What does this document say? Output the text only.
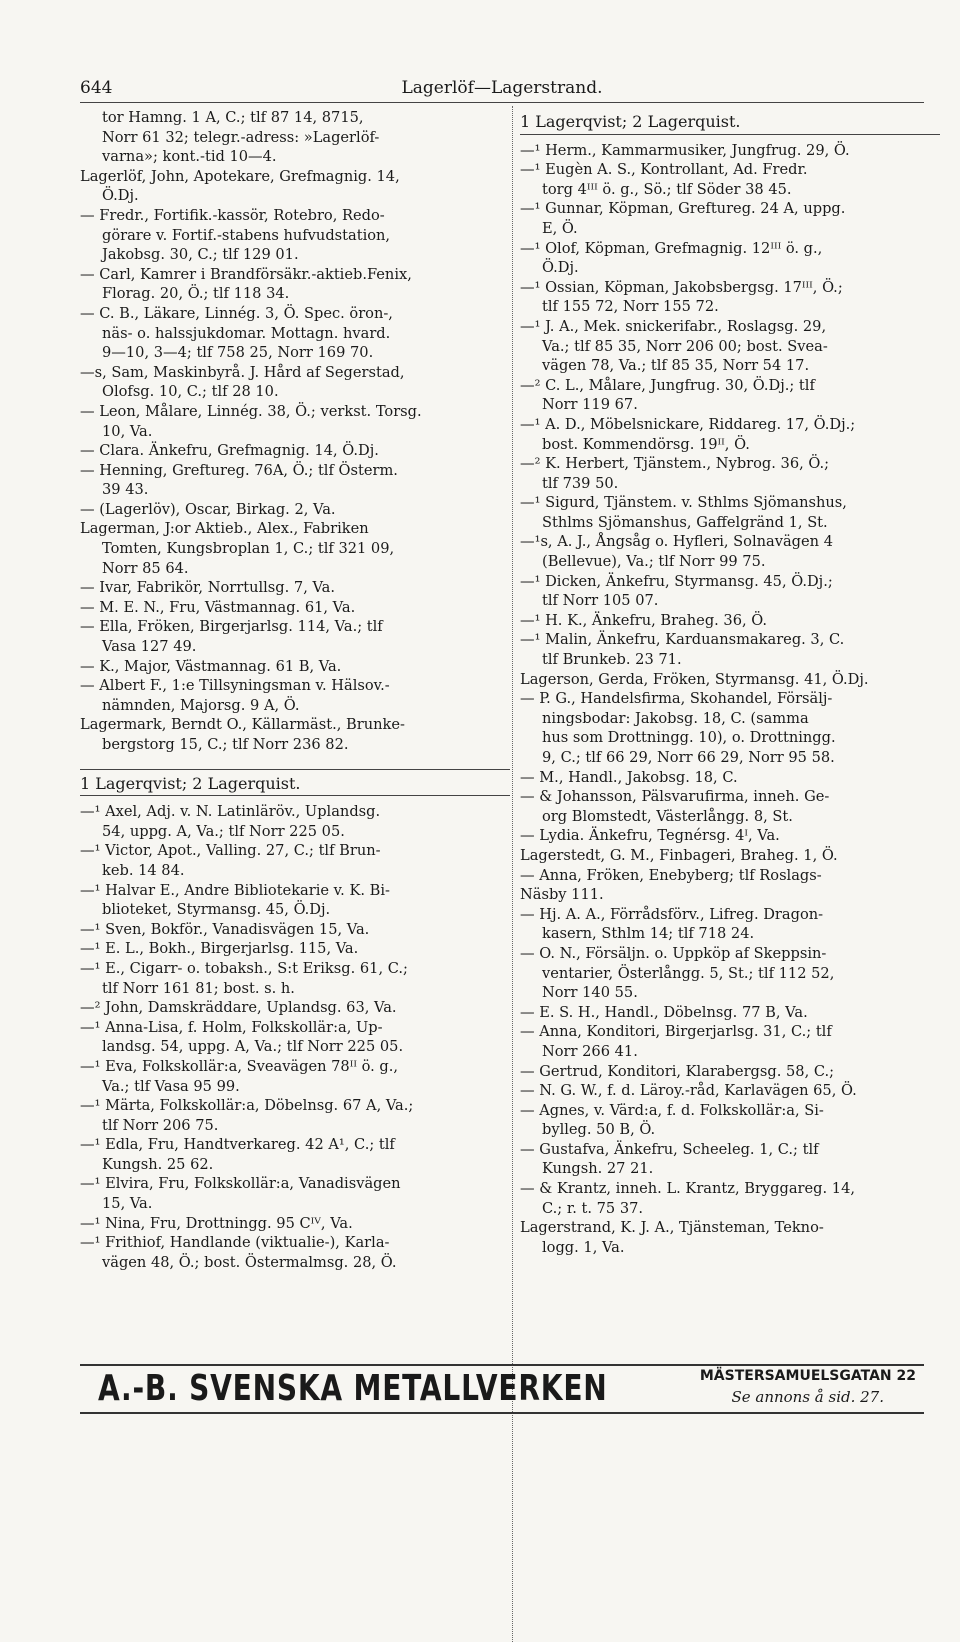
644	Lagerlöf—Lagerstrand.
tor Hamng. 1 A, C.; tlf 87 14, 8715,
Norr 61 32; telegr.-adress: »Lagerlöf-
varna»; kont.-tid 10—4.
Lagerlöf, John, Apotekare, Grefmagnig. 14,
Ö.Dj.
— Fredr., Fortifik.-kassör, Rotebro, Redo-
görare v. Fortif.-stabens hufvudstation,
Jakobsg. 30, C.; tlf 129 01.
— Carl, Kamrer i Brandförsäkr.-aktieb.Fenix,
Florag. 20, Ö.; tlf 118 34.
— C. B., Läkare, Linnég. 3, Ö. Spec. öron-,
näs- o. halssjukdomar. Mottagn. hvard.
9—10, 3—4; tlf 758 25, Norr 169 70.
—s, Sam, Maskinbyrå. J. Hård af Segerstad,
Olofsg. 10, C.; tlf 28 10.
— Leon, Målare, Linnég. 38, Ö.; verkst. Torsg.
10, Va.
— Clara. Änkefru, Grefmagnig. 14, Ö.Dj.
— Henning, Greftureg. 76A, Ö.; tlf Österm.
39 43.
— (Lagerlöv), Oscar, Birkag. 2, Va.
Lagerman, J:or Aktieb., Alex., Fabriken
Tomten, Kungsbroplan 1, C.; tlf 321 09,
Norr 85 64.
— Ivar, Fabrikör, Norrtullsg. 7, Va.
— M. E. N., Fru, Västmannag. 61, Va.
— Ella, Fröken, Birgerjarlsg. 114, Va.; tlf
Vasa 127 49.
— K., Major, Västmannag. 61 B, Va.
— Albert F., 1:e Tillsyningsman v. Hälsov.-
nämnden, Majorsg. 9 A, Ö.
Lagermark, Berndt O., Källarmäst., Brunke-
bergstorg 15, C.; tlf Norr 236 82.
1 Lagerqvist; 2 Lagerquist.
—¹ Axel, Adj. v. N. Latinläröv., Uplandsg.
54, uppg. A, Va.; tlf Norr 225 05.
—¹ Victor, Apot., Valling. 27, C.; tlf Brun-
keb. 14 84.
—¹ Halvar E., Andre Bibliotekarie v. K. Bi-
blioteket, Styrmansg. 45, Ö.Dj.
—¹ Sven, Bokför., Vanadisvägen 15, Va.
—¹ E. L., Bokh., Birgerjarlsg. 115, Va.
—¹ E., Cigarr- o. tobaksh., S:t Eriksg. 61, C.;
tlf Norr 161 81; bost. s. h.
—² John, Damskräddare, Uplandsg. 63, Va.
—¹ Anna-Lisa, f. Holm, Folkskollär:a, Up-
landsg. 54, uppg. A, Va.; tlf Norr 225 05.
—¹ Eva, Folkskollär:a, Sveavägen 78ᴵᴵ ö. g.,
Va.; tlf Vasa 95 99.
—¹ Märta, Folkskollär:a, Döbelnsg. 67 A, Va.;
tlf Norr 206 75.
—¹ Edla, Fru, Handtverkareg. 42 A¹, C.; tlf
Kungsh. 25 62.
—¹ Elvira, Fru, Folkskollär:a, Vanadisvägen
15, Va.
—¹ Nina, Fru, Drottningg. 95 Cᴵⱽ, Va.
—¹ Frithiof, Handlande (viktualie-), Karla-
vägen 48, Ö.; bost. Östermalmsg. 28, Ö.
1 Lagerqvist; 2 Lagerquist.
—¹ Herm., Kammarmusiker, Jungfrug. 29, Ö.
—¹ Eugèn A. S., Kontrollant, Ad. Fredr.
torg 4ᴵᴵᴵ ö. g., Sö.; tlf Söder 38 45.
—¹ Gunnar, Köpman, Greftureg. 24 A, uppg.
E, Ö.
—¹ Olof, Köpman, Grefmagnig. 12ᴵᴵᴵ ö. g.,
Ö.Dj.
—¹ Ossian, Köpman, Jakobsbergsg. 17ᴵᴵᴵ, Ö.;
tlf 155 72, Norr 155 72.
—¹ J. A., Mek. snickerifabr., Roslagsg. 29,
Va.; tlf 85 35, Norr 206 00; bost. Svea-
vägen 78, Va.; tlf 85 35, Norr 54 17.
—² C. L., Målare, Jungfrug. 30, Ö.Dj.; tlf
Norr 119 67.
—¹ A. D., Möbelsnickare, Riddareg. 17, Ö.Dj.;
bost. Kommendörsg. 19ᴵᴵ, Ö.
—² K. Herbert, Tjänstem., Nybrog. 36, Ö.;
tlf 739 50.
—¹ Sigurd, Tjänstem. v. Sthlms Sjömanshus,
Sthlms Sjömanshus, Gaffelgränd 1, St.
—¹s, A. J., Ångsåg o. Hyfleri, Solnavägen 4
(Bellevue), Va.; tlf Norr 99 75.
—¹ Dicken, Änkefru, Styrmansg. 45, Ö.Dj.;
tlf Norr 105 07.
—¹ H. K., Änkefru, Braheg. 36, Ö.
—¹ Malin, Änkefru, Karduansmakareg. 3, C.
tlf Brunkeb. 23 71.
Lagerson, Gerda, Fröken, Styrmansg. 41, Ö.Dj.
— P. G., Handelsfirma, Skohandel, Försälj-
ningsbodar: Jakobsg. 18, C. (samma
hus som Drottningg. 10), o. Drottningg.
9, C.; tlf 66 29, Norr 66 29, Norr 95 58.
— M., Handl., Jakobsg. 18, C.
— & Johansson, Pälsvarufirma, inneh. Ge-
org Blomstedt, Västerlångg. 8, St.
— Lydia. Änkefru, Tegnérsg. 4ᴵ, Va.
Lagerstedt, G. M., Finbageri, Braheg. 1, Ö.
— Anna, Fröken, Enebyberg; tlf Roslags-
Näsby 111.
— Hj. A. A., Förrådsförv., Lifreg. Dragon-
kasern, Sthlm 14; tlf 718 24.
— O. N., Försäljn. o. Uppköp af Skeppsin-
ventarier, Österlångg. 5, St.; tlf 112 52,
Norr 140 55.
— E. S. H., Handl., Döbelnsg. 77 B, Va.
— Anna, Konditori, Birgerjarlsg. 31, C.; tlf
Norr 266 41.
— Gertrud, Konditori, Klarabergsg. 58, C.;
— N. G. W., f. d. Läroy.-råd, Karlavägen 65, Ö.
— Agnes, v. Värd:a, f. d. Folkskollär:a, Si-
bylleg. 50 B, Ö.
— Gustafva, Änkefru, Scheeleg. 1, C.; tlf
Kungsh. 27 21.
— & Krantz, inneh. L. Krantz, Bryggareg. 14,
C.; r. t. 75 37.
Lagerstrand, K. J. A., Tjänsteman, Tekno-
logg. 1, Va.
A.-B. SVENSKA METALLVERKEN	MÄSTERSAMUELSGATAN 22
Se annons å sid. 27.
